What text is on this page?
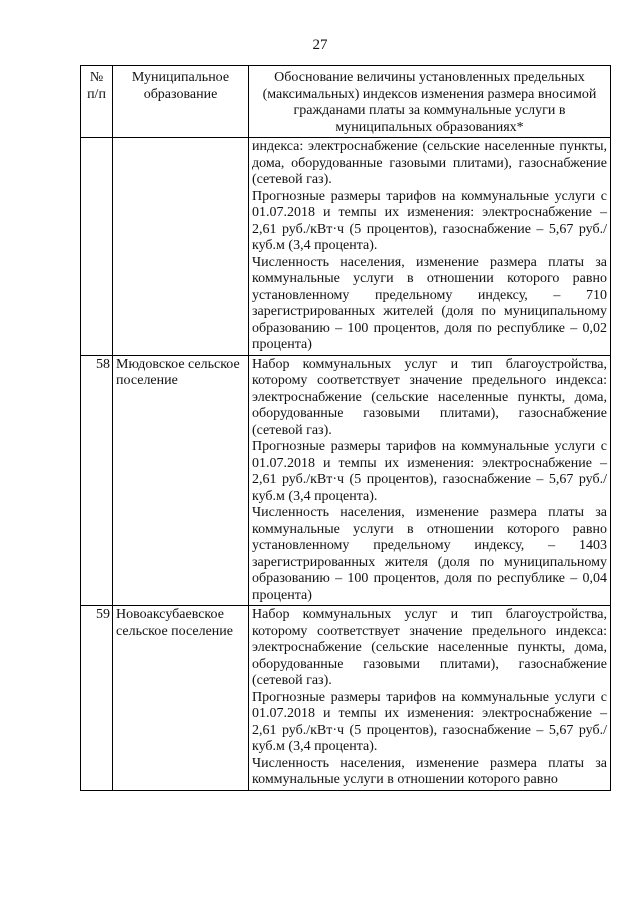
27
№ п/п	Муниципальное образование	Обоснование величины установленных предельных (максимальных) индексов изменения размера вносимой гражданами платы за коммунальные услуги в муниципальных образованиях*

		индекса: электроснабжение (сельские населенные пункты, дома, оборудованные газовыми плитами), газоснабжение (сетевой газ).

Прогнозные размеры тарифов на коммунальные услуги с 01.07.2018 и темпы их изменения: электроснабжение – 2,61 руб./кВт·ч (5 процентов), газоснабжение – 5,67 руб./куб.м (3,4 процента).

Численность населения, изменение размера платы за коммунальные услуги в отношении которого равно установленному предельному индексу, – 710 зарегистрированных жителей (доля по муниципальному образованию – 100 процентов, доля по республике – 0,02 процента)

58	Мюдовское сельское поселение	Набор коммунальных услуг и тип благоустройства, которому соответствует значение предельного индекса: электроснабжение (сельские населенные пункты, дома, оборудованные газовыми плитами), газоснабжение (сетевой газ).

Прогнозные размеры тарифов на коммунальные услуги с 01.07.2018 и темпы их изменения: электроснабжение – 2,61 руб./кВт·ч (5 процентов), газоснабжение – 5,67 руб./куб.м (3,4 процента).

Численность населения, изменение размера платы за коммунальные услуги в отношении которого равно установленному предельному индексу, – 1403 зарегистрированных жителя (доля по муниципальному образованию – 100 процентов, доля по республике – 0,04 процента)

59	Новоаксубаевское сельское поселение	Набор коммунальных услуг и тип благоустройства, которому соответствует значение предельного индекса: электроснабжение (сельские населенные пункты, дома, оборудованные газовыми плитами), газоснабжение (сетевой газ).

Прогнозные размеры тарифов на коммунальные услуги с 01.07.2018 и темпы их изменения: электроснабжение – 2,61 руб./кВт·ч (5 процентов), газоснабжение – 5,67 руб./куб.м (3,4 процента).

Численность населения, изменение размера платы за коммунальные услуги в отношении которого равно
